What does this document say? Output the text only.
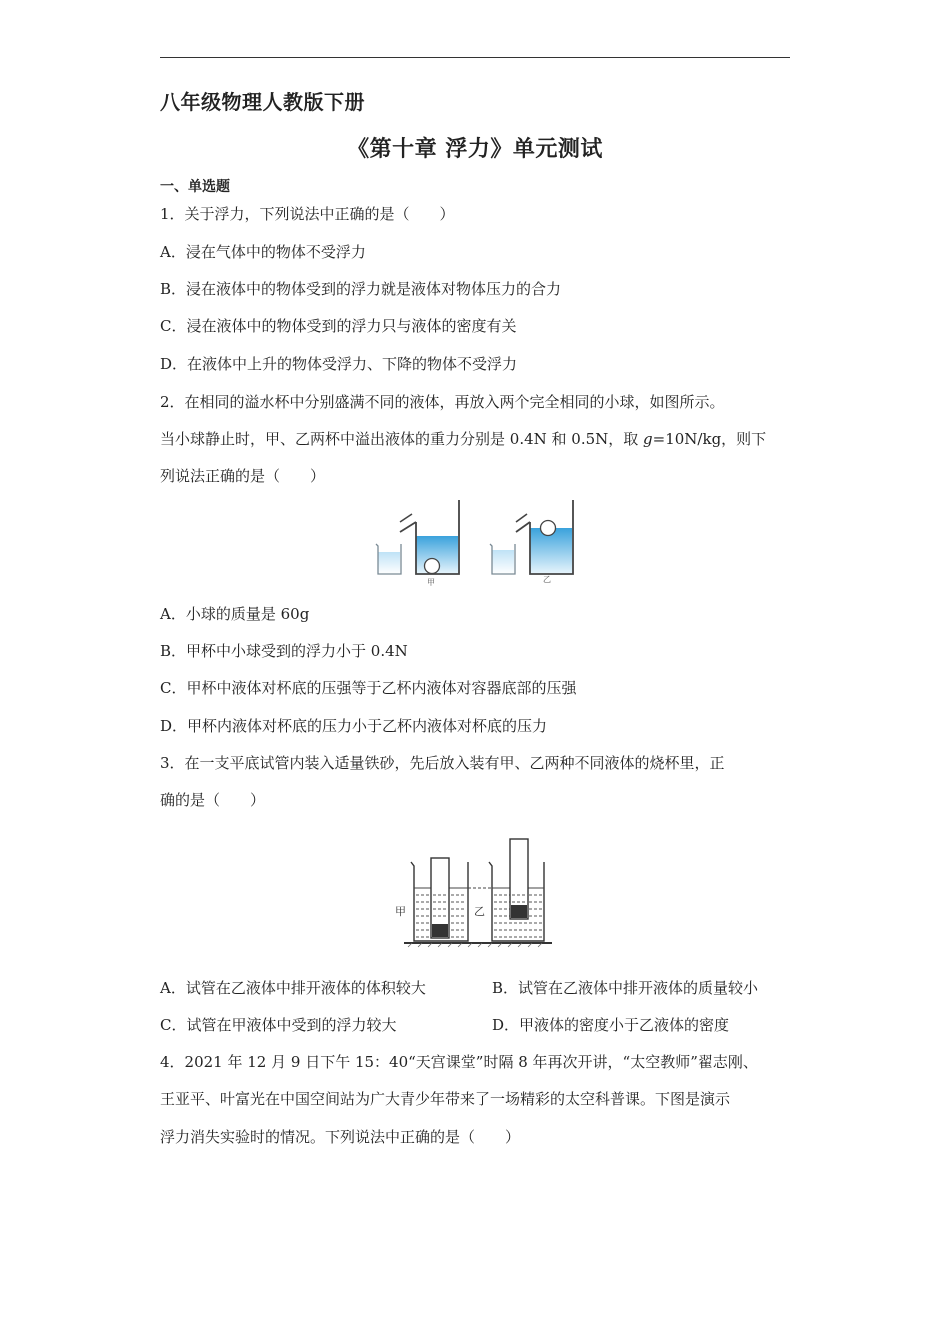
八年级物理人教版下册
《第十章 浮力》单元测试
一、单选题
1．关于浮力，下列说法中正确的是（　　）
A．浸在气体中的物体不受浮力
B．浸在液体中的物体受到的浮力就是液体对物体压力的合力
C．浸在液体中的物体受到的浮力只与液体的密度有关
D．在液体中上升的物体受浮力、下降的物体不受浮力
2．在相同的溢水杯中分别盛满不同的液体，再放入两个完全相同的小球，如图所示。
当小球静止时，甲、乙两杯中溢出液体的重力分别是 0.4N 和 0.5N，取 g=10N/kg，则下
列说法正确的是（　　）
甲	乙
A．小球的质量是 60g
B．甲杯中小球受到的浮力小于 0.4N
C．甲杯中液体对杯底的压强等于乙杯内液体对容器底部的压强
D．甲杯内液体对杯底的压力小于乙杯内液体对杯底的压力
3．在一支平底试管内装入适量铁砂，先后放入装有甲、乙两种不同液体的烧杯里，正
确的是（　　）
甲	乙
A．试管在乙液体中排开液体的体积较大	B．试管在乙液体中排开液体的质量较小
C．试管在甲液体中受到的浮力较大	D．甲液体的密度小于乙液体的密度
4．2021 年 12 月 9 日下午 15：40“天宫课堂”时隔 8 年再次开讲，“太空教师”翟志刚、
王亚平、叶富光在中国空间站为广大青少年带来了一场精彩的太空科普课。下图是演示
浮力消失实验时的情况。下列说法中正确的是（　　）
